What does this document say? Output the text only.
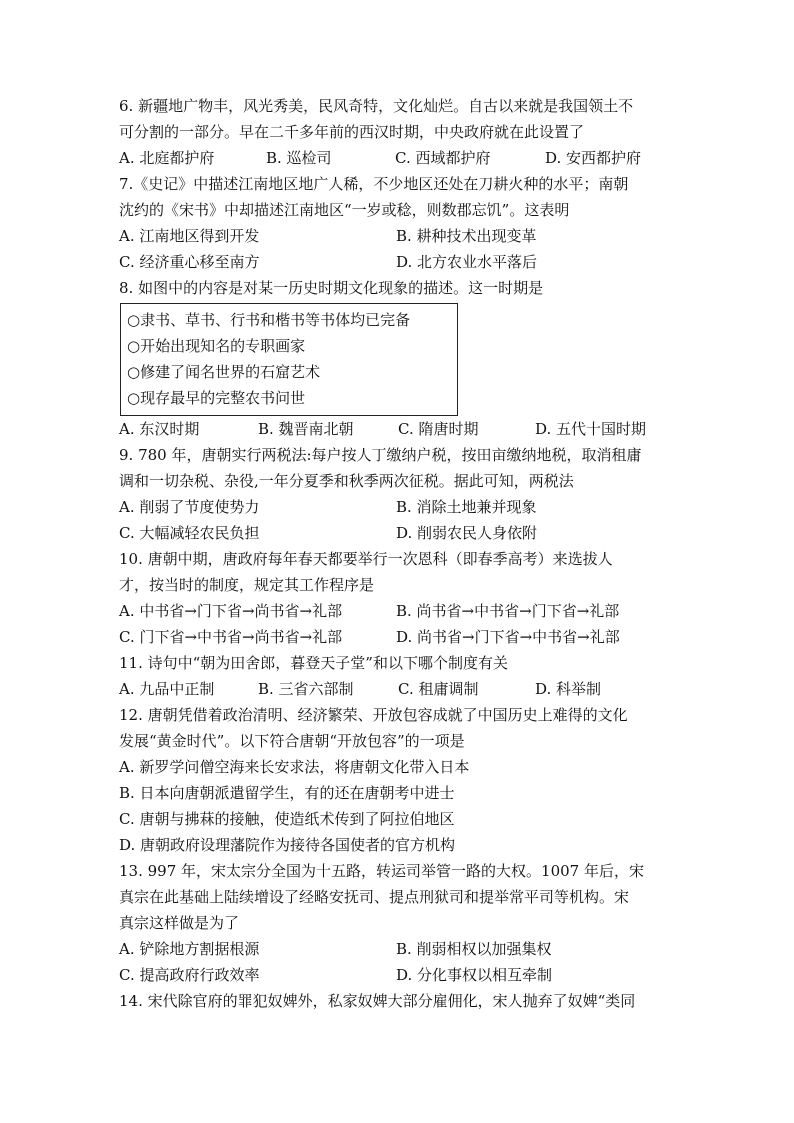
6. 新疆地广物丰，风光秀美，民风奇特，文化灿烂。自古以来就是我国领土不
可分割的一部分。早在二千多年前的西汉时期，中央政府就在此设置了
A. 北庭都护府	B. 巡检司	C. 西域都护府	D. 安西都护府
7.《史记》中描述江南地区地广人稀，不少地区还处在刀耕火种的水平；南朝
沈约的《宋书》中却描述江南地区“一岁或稔，则数郡忘饥”。这表明
A. 江南地区得到开发	B. 耕种技术出现变革
C. 经济重心移至南方	D. 北方农业水平落后
8. 如图中的内容是对某一历史时期文化现象的描述。这一时期是
○隶书、草书、行书和楷书等书体均已完备
○开始出现知名的专职画家
○修建了闻名世界的石窟艺术
○现存最早的完整农书问世
A. 东汉时期	B. 魏晋南北朝	C. 隋唐时期	D. 五代十国时期
9. 780 年，唐朝实行两税法:每户按人丁缴纳户税，按田亩缴纳地税，取消租庸
调和一切杂税、杂役,一年分夏季和秋季两次征税。据此可知，两税法
A. 削弱了节度使势力	B. 消除土地兼并现象
C. 大幅减轻农民负担	D. 削弱农民人身依附
10. 唐朝中期，唐政府每年春天都要举行一次恩科（即春季高考）来选拔人
才，按当时的制度，规定其工作程序是
A. 中书省→门下省→尚书省→礼部	B. 尚书省→中书省→门下省→礼部
C. 门下省→中书省→尚书省→礼部	D. 尚书省→门下省→中书省→礼部
11. 诗句中“朝为田舍郎，暮登天子堂”和以下哪个制度有关
A. 九品中正制	B. 三省六部制	C. 租庸调制	D. 科举制
12. 唐朝凭借着政治清明、经济繁荣、开放包容成就了中国历史上难得的文化
发展“黄金时代”。以下符合唐朝“开放包容”的一项是
A. 新罗学问僧空海来长安求法，将唐朝文化带入日本
B. 日本向唐朝派遣留学生，有的还在唐朝考中进士
C. 唐朝与拂菻的接触，使造纸术传到了阿拉伯地区
D. 唐朝政府设理藩院作为接待各国使者的官方机构
13. 997 年，宋太宗分全国为十五路，转运司举管一路的大权。1007 年后，宋
真宗在此基础上陆续增设了经略安抚司、提点刑狱司和提举常平司等机构。宋
真宗这样做是为了
A. 铲除地方割据根源	B. 削弱相权以加强集权
C. 提高政府行政效率	D. 分化事权以相互牵制
14. 宋代除官府的罪犯奴婢外，私家奴婢大部分雇佣化，宋人抛弃了奴婢“类同
